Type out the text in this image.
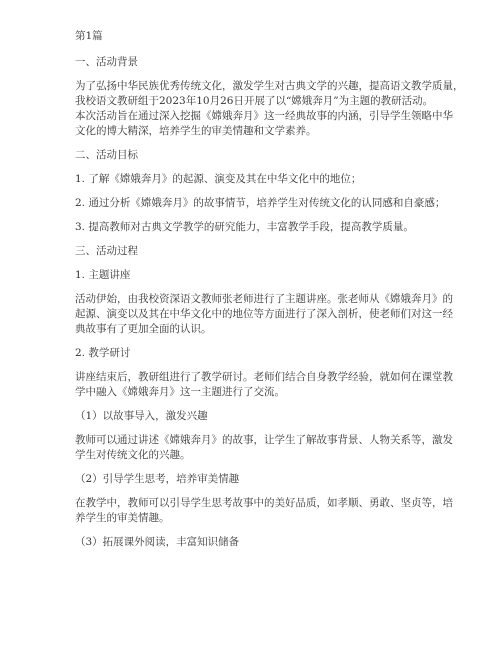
第1篇

一、活动背景

为了弘扬中华民族优秀传统文化，激发学生对古典文学的兴趣，提高语文教学质量，

我校语文教研组于2023年10月26日开展了以“嫦娥奔月”为主题的教研活动。

本次活动旨在通过深入挖掘《嫦娥奔月》这一经典故事的内涵，引导学生领略中华

文化的博大精深，培养学生的审美情趣和文学素养。

二、活动目标

1. 了解《嫦娥奔月》的起源、演变及其在中华文化中的地位；

2. 通过分析《嫦娥奔月》的故事情节，培养学生对传统文化的认同感和自豪感；

3. 提高教师对古典文学教学的研究能力，丰富教学手段，提高教学质量。

三、活动过程

1. 主题讲座

活动伊始，由我校资深语文教师张老师进行了主题讲座。张老师从《嫦娥奔月》的

起源、演变以及其在中华文化中的地位等方面进行了深入剖析，使老师们对这一经

典故事有了更加全面的认识。

2. 教学研讨

讲座结束后，教研组进行了教学研讨。老师们结合自身教学经验，就如何在课堂教

学中融入《嫦娥奔月》这一主题进行了交流。

（1）以故事导入，激发兴趣

教师可以通过讲述《嫦娥奔月》的故事，让学生了解故事背景、人物关系等，激发

学生对传统文化的兴趣。

（2）引导学生思考，培养审美情趣

在教学中，教师可以引导学生思考故事中的美好品质，如孝顺、勇敢、坚贞等，培

养学生的审美情趣。

（3）拓展课外阅读，丰富知识储备
